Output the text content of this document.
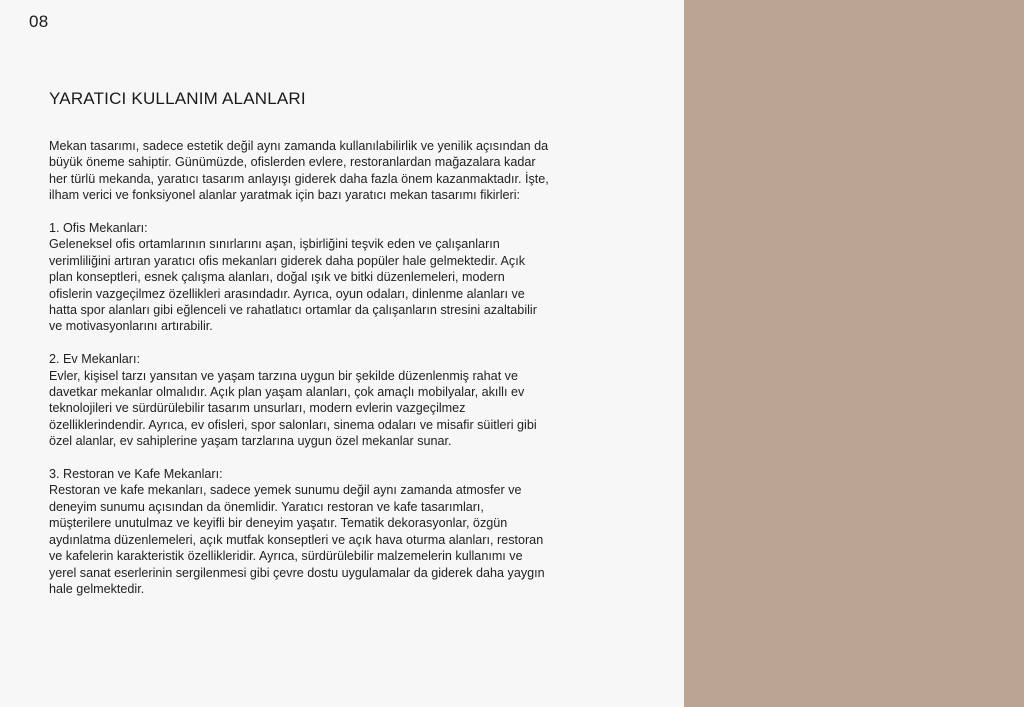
08
YARATICI KULLANIM ALANLARI

Mekan tasarımı, sadece estetik değil aynı zamanda kullanılabilirlik ve yenilik açısından da büyük öneme sahiptir. Günümüzde, ofislerden evlere, restoranlardan mağazalara kadar her türlü mekanda, yaratıcı tasarım anlayışı giderek daha fazla önem kazanmaktadır. İşte, ilham verici ve fonksiyonel alanlar yaratmak için bazı yaratıcı mekan tasarımı fikirleri:

1. Ofis Mekanları:
Geleneksel ofis ortamlarının sınırlarını aşan, işbirliğini teşvik eden ve çalışanların verimliliğini artıran yaratıcı ofis mekanları giderek daha popüler hale gelmektedir. Açık plan konseptleri, esnek çalışma alanları, doğal ışık ve bitki düzenlemeleri, modern ofislerin vazgeçilmez özellikleri arasındadır. Ayrıca, oyun odaları, dinlenme alanları ve hatta spor alanları gibi eğlenceli ve rahatlatıcı ortamlar da çalışanların stresini azaltabilir ve motivasyonlarını artırabilir.

2. Ev Mekanları:
Evler, kişisel tarzı yansıtan ve yaşam tarzına uygun bir şekilde düzenlenmiş rahat ve davetkar mekanlar olmalıdır. Açık plan yaşam alanları, çok amaçlı mobilyalar, akıllı ev teknolojileri ve sürdürülebilir tasarım unsurları, modern evlerin vazgeçilmez özelliklerindendir. Ayrıca, ev ofisleri, spor salonları, sinema odaları ve misafir süitleri gibi özel alanlar, ev sahiplerine yaşam tarzlarına uygun özel mekanlar sunar.

3. Restoran ve Kafe Mekanları:
Restoran ve kafe mekanları, sadece yemek sunumu değil aynı zamanda atmosfer ve deneyim sunumu açısından da önemlidir. Yaratıcı restoran ve kafe tasarımları, müşterilere unutulmaz ve keyifli bir deneyim yaşatır. Tematik dekorasyonlar, özgün aydınlatma düzenlemeleri, açık mutfak konseptleri ve açık hava oturma alanları, restoran ve kafelerin karakteristik özellikleridir. Ayrıca, sürdürülebilir malzemelerin kullanımı ve yerel sanat eserlerinin sergilenmesi gibi çevre dostu uygulamalar da giderek daha yaygın hale gelmektedir.
